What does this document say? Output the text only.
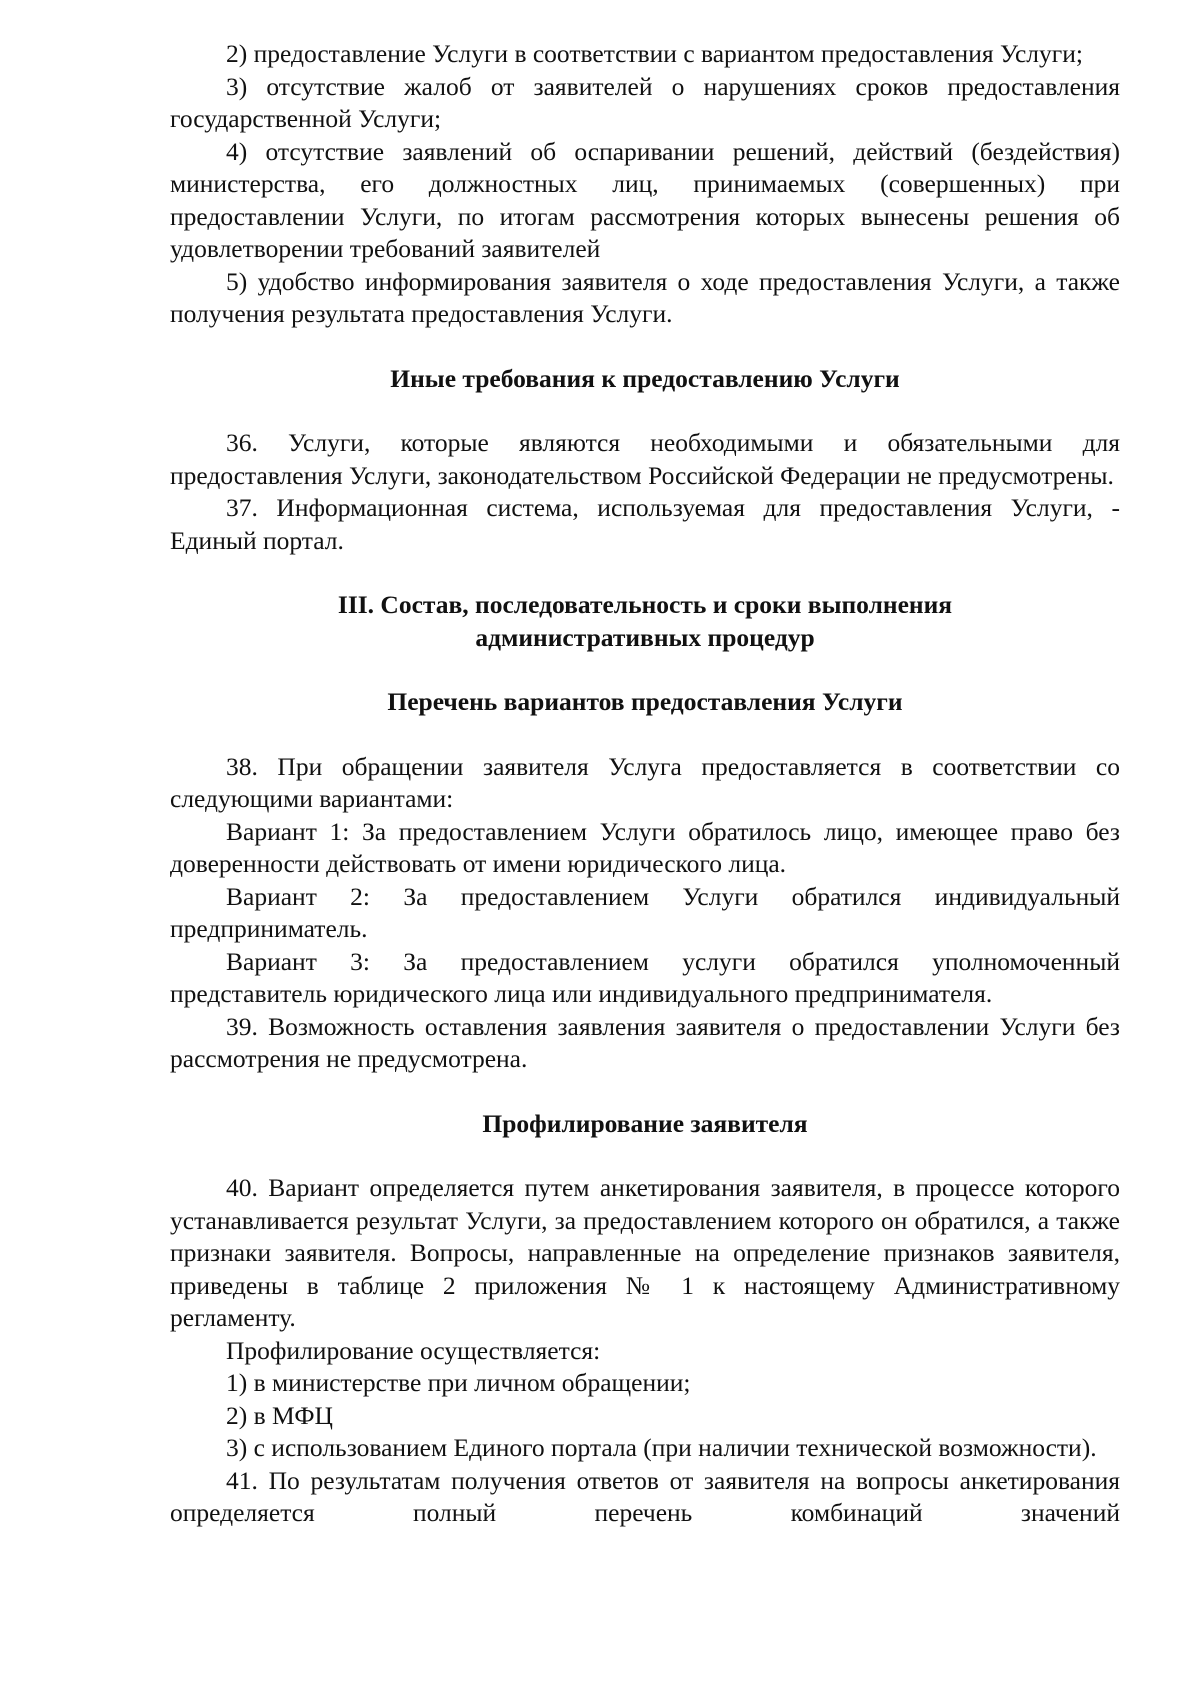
2) предоставление Услуги в соответствии с вариантом предоставления Услуги;

3) отсутствие жалоб от заявителей о нарушениях сроков предоставления государственной Услуги;

4) отсутствие заявлений об оспаривании решений, действий (бездействия) министерства, его должностных лиц, принимаемых (совершенных) при предоставлении Услуги, по итогам рассмотрения которых вынесены решения об удовлетворении требований заявителей

5) удобство информирования заявителя о ходе предоставления Услуги, а также получения результата предоставления Услуги.

Иные требования к предоставлению Услуги

36. Услуги, которые являются необходимыми и обязательными для предоставления Услуги, законодательством Российской Федерации не предусмотрены.

37. Информационная система, используемая для предоставления Услуги, - Единый портал.

III. Состав, последовательность и сроки выполнения

административных процедур

Перечень вариантов предоставления Услуги

38. При обращении заявителя Услуга предоставляется в соответствии со следующими вариантами:

Вариант 1: За предоставлением Услуги обратилось лицо, имеющее право без доверенности действовать от имени юридического лица.

Вариант 2: За предоставлением Услуги обратился индивидуальный предприниматель.

Вариант 3: За предоставлением услуги обратился уполномоченный представитель юридического лица или индивидуального предпринимателя.

39. Возможность оставления заявления заявителя о предоставлении Услуги без рассмотрения не предусмотрена.

Профилирование заявителя

40. Вариант определяется путем анкетирования заявителя, в процессе которого устанавливается результат Услуги, за предоставлением которого он обратился, а также признаки заявителя. Вопросы, направленные на определение признаков заявителя, приведены в таблице 2 приложения № 1 к настоящему Административному регламенту.

Профилирование осуществляется:

1) в министерстве при личном обращении;

2) в МФЦ

3) с использованием Единого портала (при наличии технической возможности).

41. По результатам получения ответов от заявителя на вопросы анкетирования определяется полный перечень комбинаций значений
